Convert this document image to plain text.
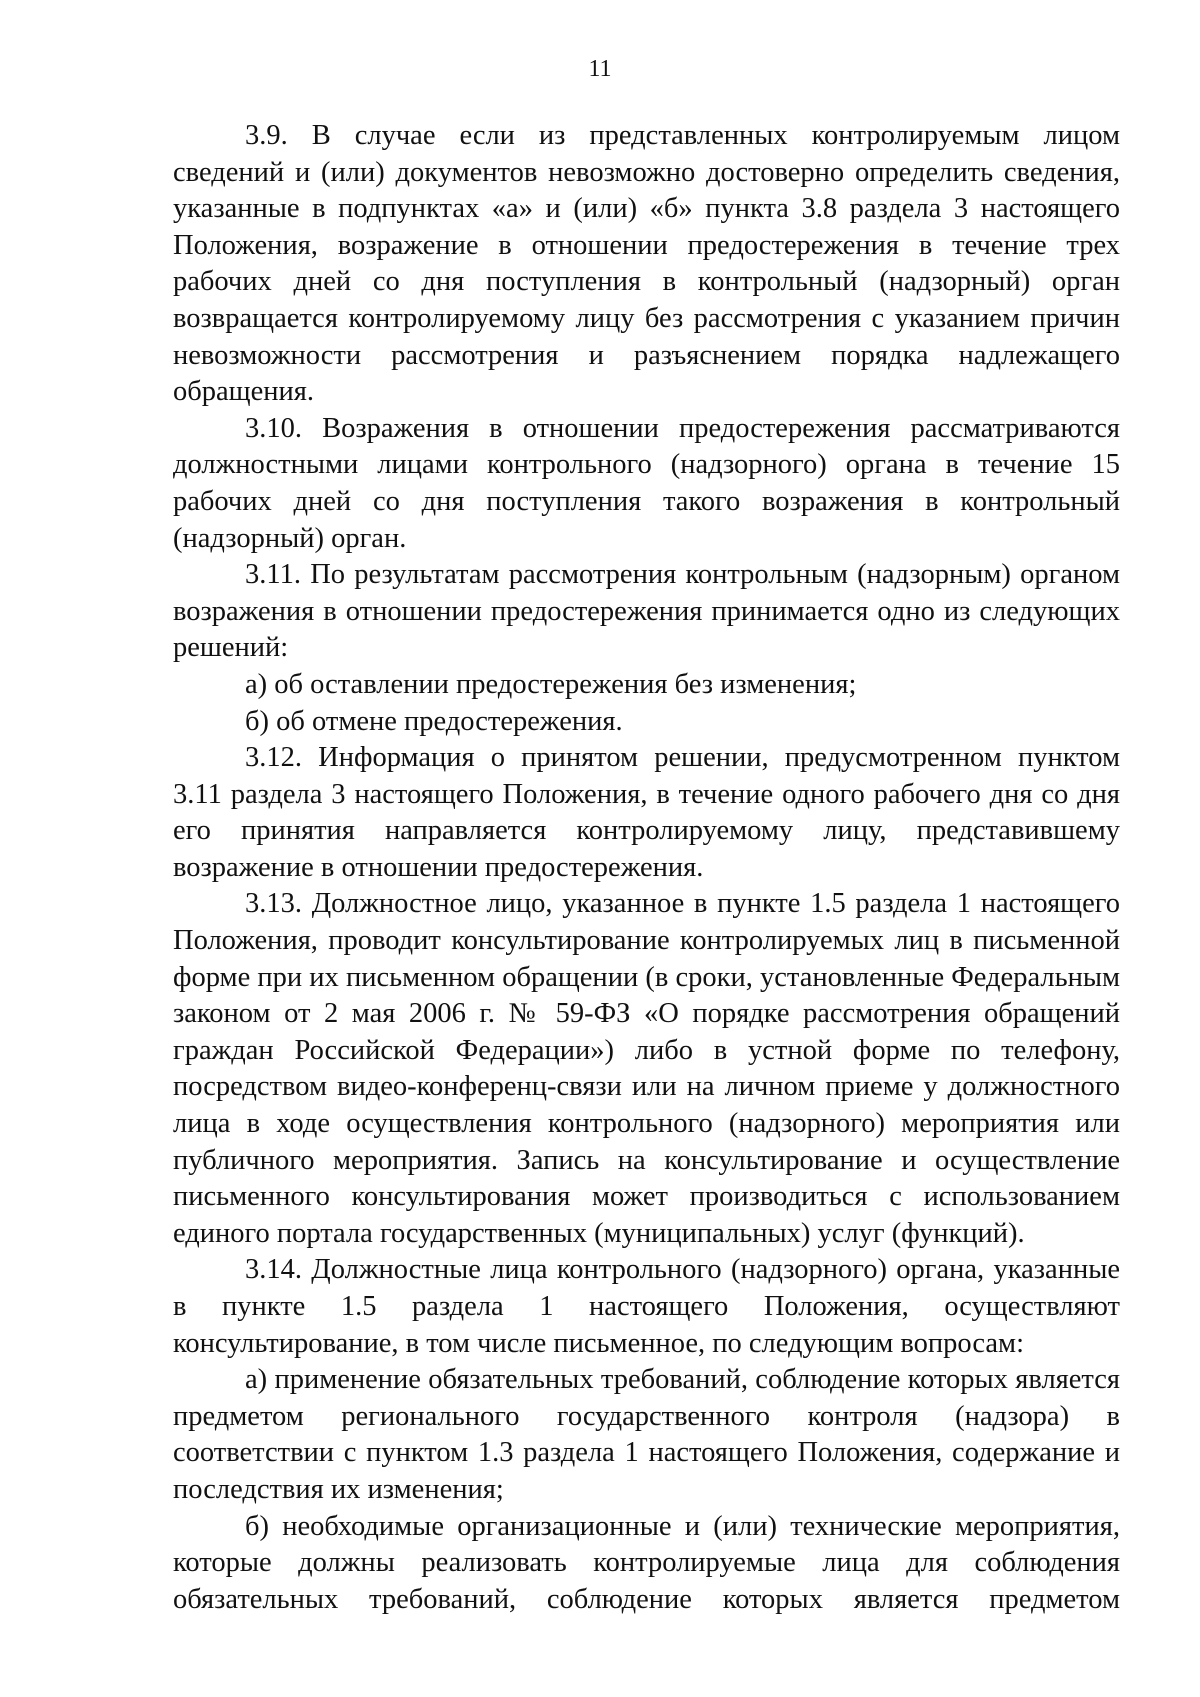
11

3.9. В случае если из представленных контролируемым лицом сведений и (или) документов невозможно достоверно определить сведения, указанные в подпунктах «а» и (или) «б» пункта 3.8 раздела 3 настоящего Положения, возражение в отношении предостережения в течение трех рабочих дней со дня поступления в контрольный (надзорный) орган возвращается контролируемому лицу без рассмотрения с указанием причин невозможности рассмотрения и разъяснением порядка надлежащего обращения.

3.10. Возражения в отношении предостережения рассматриваются должностными лицами контрольного (надзорного) органа в течение 15 рабочих дней со дня поступления такого возражения в контрольный (надзорный) орган.

3.11. По результатам рассмотрения контрольным (надзорным) органом возражения в отношении предостережения принимается одно из следующих решений:

а) об оставлении предостережения без изменения;

б) об отмене предостережения.

3.12. Информация о принятом решении, предусмотренном пунктом 3.11 раздела 3 настоящего Положения, в течение одного рабочего дня со дня его принятия направляется контролируемому лицу, представившему возражение в отношении предостережения.

3.13. Должностное лицо, указанное в пункте 1.5 раздела 1 настоящего Положения, проводит консультирование контролируемых лиц в письменной форме при их письменном обращении (в сроки, установленные Федеральным законом от 2 мая 2006 г. № 59-ФЗ «О порядке рассмотрения обращений граждан Российской Федерации») либо в устной форме по телефону, посредством видео-конференц-связи или на личном приеме у должностного лица в ходе осуществления контрольного (надзорного) мероприятия или публичного мероприятия. Запись на консультирование и осуществление письменного консультирования может производиться с использованием единого портала государственных (муниципальных) услуг (функций).

3.14. Должностные лица контрольного (надзорного) органа, указанные в пункте 1.5 раздела 1 настоящего Положения, осуществляют консультирование, в том числе письменное, по следующим вопросам:

а) применение обязательных требований, соблюдение которых является предметом регионального государственного контроля (надзора) в соответствии с пунктом 1.3 раздела 1 настоящего Положения, содержание и последствия их изменения;

б) необходимые организационные и (или) технические мероприятия, которые должны реализовать контролируемые лица для соблюдения обязательных требований, соблюдение которых является предметом
